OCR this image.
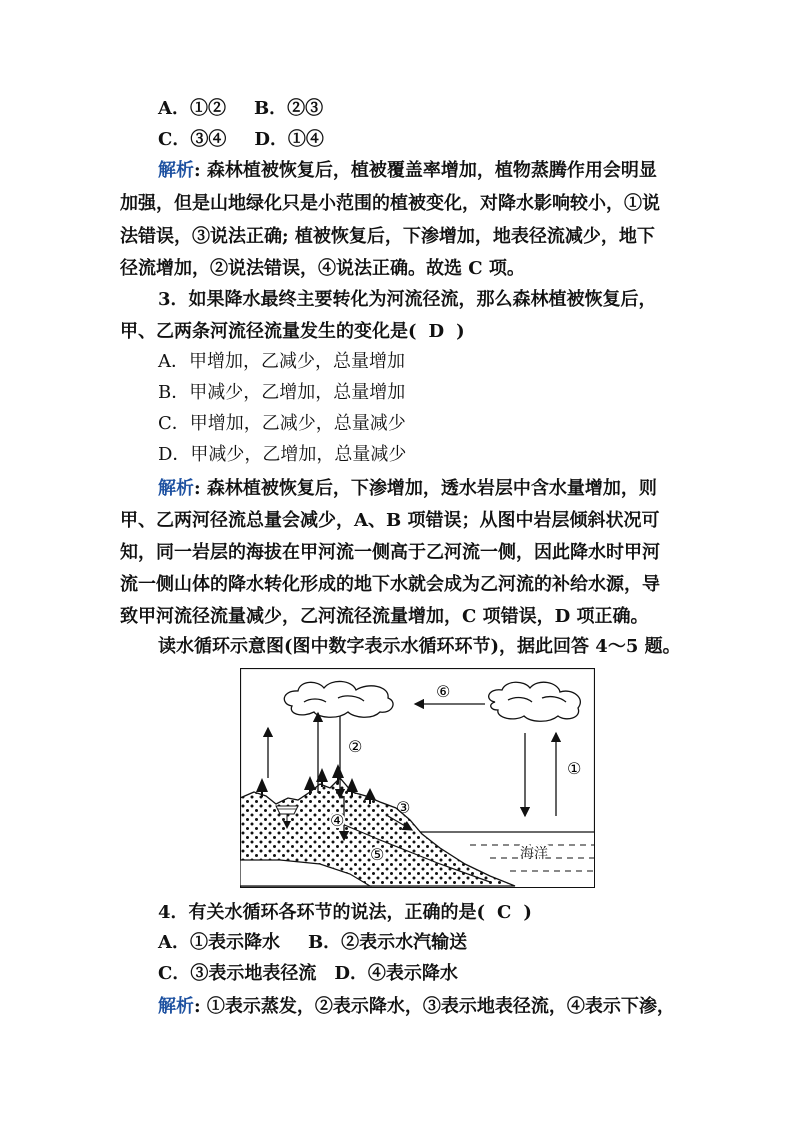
A．①② B．②③
C．③④ D．①④
解析: 森林植被恢复后，植被覆盖率增加，植物蒸腾作用会明显
加强，但是山地绿化只是小范围的植被变化，对降水影响较小，①说
法错误，③说法正确; 植被恢复后，下渗增加，地表径流减少，地下
径流增加，②说法错误，④说法正确。故选 C 项。
3．如果降水最终主要转化为河流径流，那么森林植被恢复后，
甲、乙两条河流径流量发生的变化是( D )
A．甲增加，乙减少，总量增加
B．甲减少，乙增加，总量增加
C．甲增加，乙减少，总量减少
D．甲减少，乙增加，总量减少
解析: 森林植被恢复后，下渗增加，透水岩层中含水量增加，则
甲、乙两河径流总量会减少，A、B 项错误；从图中岩层倾斜状况可
知，同一岩层的海拔在甲河流一侧高于乙河流一侧，因此降水时甲河
流一侧山体的降水转化形成的地下水就会成为乙河流的补给水源，导
致甲河流径流量减少，乙河流径流量增加，C 项错误，D 项正确。
读水循环示意图(图中数字表示水循环环节)，据此回答 4～5 题。
⑥
②
①
海洋
③
④
⑤
4．有关水循环各环节的说法，正确的是( C )
A．①表示降水 B．②表示水汽输送
C．③表示地表径流 D．④表示降水
解析: ①表示蒸发，②表示降水，③表示地表径流，④表示下渗，
